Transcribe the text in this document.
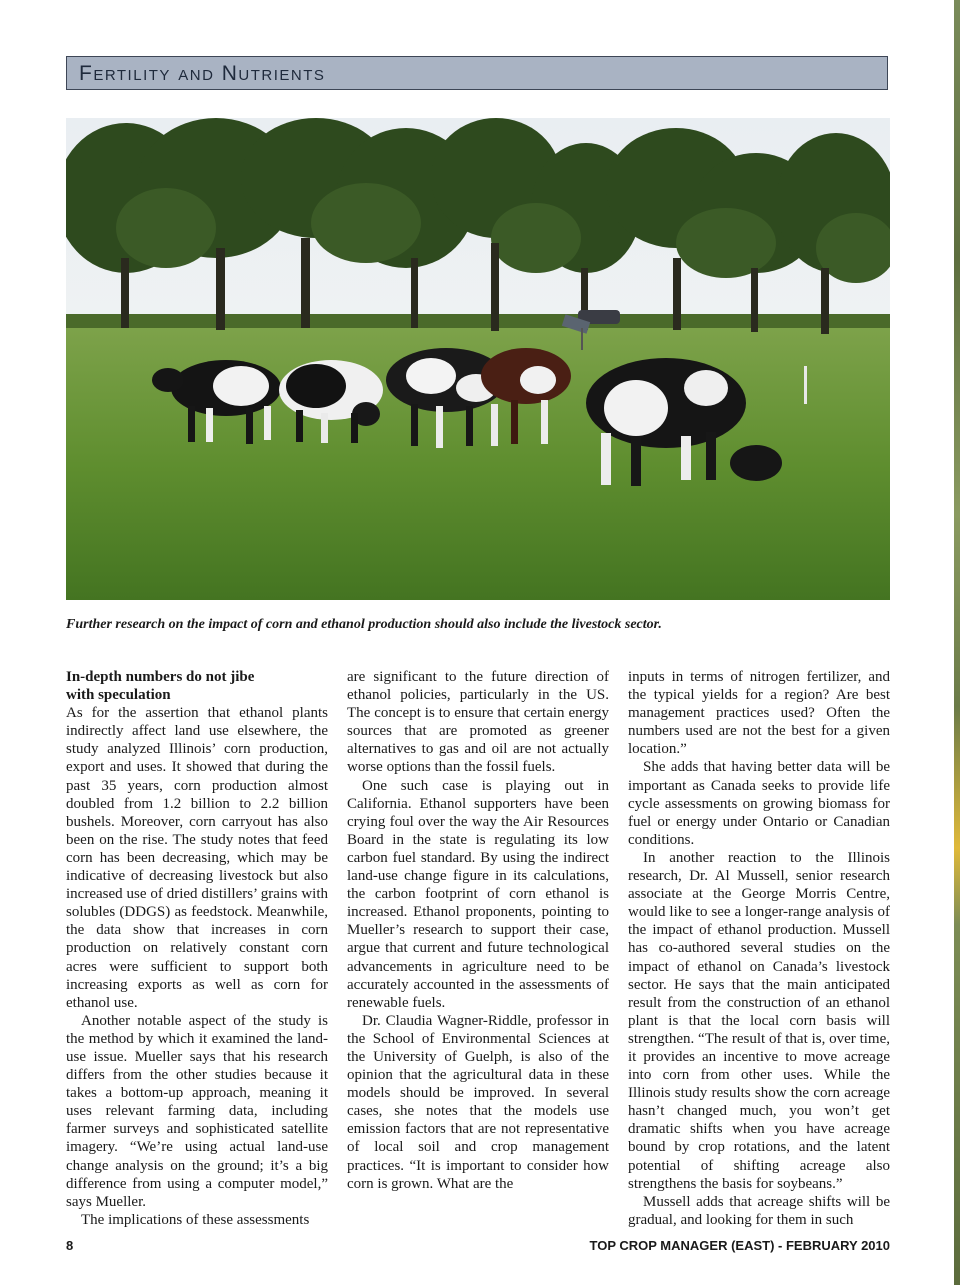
Fertility and Nutrients
Further research on the impact of corn and ethanol production should also include the livestock sector.

In-depth numbers do not jibe with speculation

As for the assertion that ethanol plants indirectly affect land use elsewhere, the study analyzed Illinois’ corn production, export and uses. It showed that during the past 35 years, corn production almost doubled from 1.2 billion to 2.2 billion bushels. Moreover, corn carryout has also been on the rise. The study notes that feed corn has been decreasing, which may be indicative of decreasing livestock but also increased use of dried distillers’ grains with solubles (DDGS) as feedstock. Meanwhile, the data show that increases in corn production on relatively constant corn acres were sufficient to support both increasing exports as well as corn for ethanol use.

Another notable aspect of the study is the method by which it examined the land-use issue. Mueller says that his research differs from the other studies because it takes a bottom-up approach, meaning it uses relevant farming data, including farmer surveys and sophisticated satellite imagery. “We’re using actual land-use change analysis on the ground; it’s a big difference from using a computer model,” says Mueller.

The implications of these assessments

are significant to the future direction of ethanol policies, particularly in the US. The concept is to ensure that certain energy sources that are promoted as greener alternatives to gas and oil are not actually worse options than the fossil fuels.

One such case is playing out in California. Ethanol supporters have been crying foul over the way the Air Resources Board in the state is regulating its low carbon fuel standard. By using the indirect land-use change figure in its calculations, the carbon footprint of corn ethanol is increased. Ethanol proponents, pointing to Mueller’s research to support their case, argue that current and future technological advancements in agriculture need to be accurately accounted in the assessments of renewable fuels.

Dr. Claudia Wagner-Riddle, professor in the School of Environmental Sciences at the University of Guelph, is also of the opinion that the agricultural data in these models should be improved. In several cases, she notes that the models use emission factors that are not representative of local soil and crop management practices. “It is important to consider how corn is grown. What are the

inputs in terms of nitrogen fertilizer, and the typical yields for a region? Are best management practices used? Often the numbers used are not the best for a given location.”

She adds that having better data will be important as Canada seeks to provide life cycle assessments on growing biomass for fuel or energy under Ontario or Canadian conditions.

In another reaction to the Illinois research, Dr. Al Mussell, senior research associate at the George Morris Centre, would like to see a longer-range analysis of the impact of ethanol production. Mussell has co-authored several studies on the impact of ethanol on Canada’s livestock sector. He says that the main anticipated result from the construction of an ethanol plant is that the local corn basis will strengthen. “The result of that is, over time, it provides an incentive to move acreage into corn from other uses. While the Illinois study results show the corn acreage hasn’t changed much, you won’t get dramatic shifts when you have acreage bound by crop rotations, and the latent potential of shifting acreage also strengthens the basis for soybeans.”

Mussell adds that acreage shifts will be gradual, and looking for them in such

8	TOP CROP MANAGER (EAST) - FEBRUARY 2010
